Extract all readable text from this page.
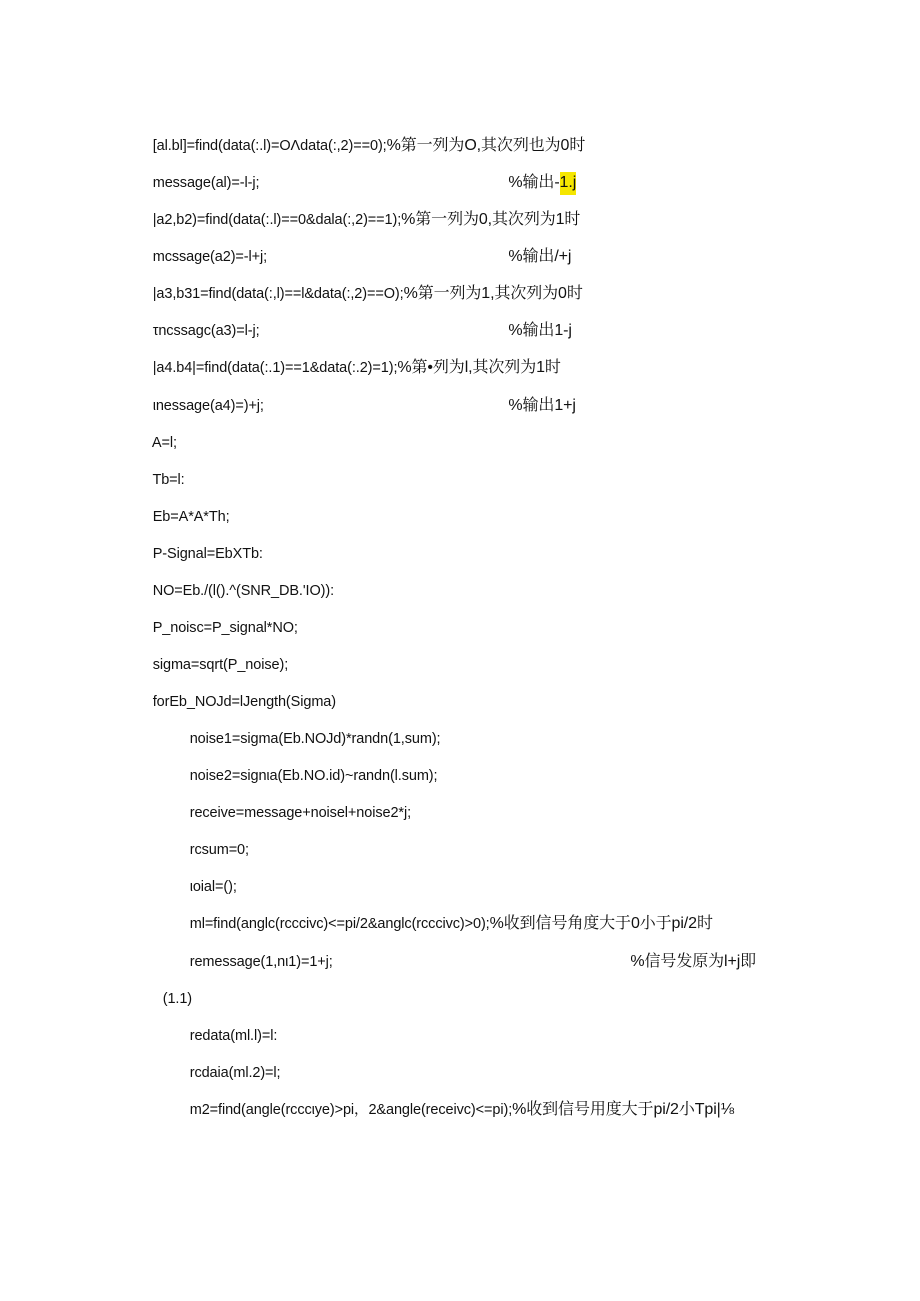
[al.bl]=find(data(:.l)=OΛdata(:,2)==0);%第一列为O,其次列也为0时

message(al)=-l-j;
	%输出-1.j

|a2,b2)=find(data(:.l)==0&dala(:,2)==1);%第一列为0,其次列为1时

mcssage(a2)=-l+j;
	%输出/+j

|a3,b31=find(data(:,l)==l&data(:,2)==O);%第一列为1,其次列为0时

τncssagc(a3)=l-j;
	%输出1-j

|a4.b4|=find(data(:.1)==1&data(:.2)=1);%第•列为l,其次列为1时

ιnessage(a4)=)+j;
	%输出1+j

A=l;

Tb=l:

Eb=A*A*Th;

P-Signal=EbXTb:

NO=Eb./(l().^(SNR_DB.'IO)):

P_noisc=P_signal*NO;

sigma=sqrt(P_noise);

forEb_NOJd=lJength(Sigma)

noise1=sigma(Eb.NOJd)*randn(1,sum);

noise2=signιa(Eb.NO.id)~randn(l.sum);

receive=message+noisel+noise2*j;

rcsum=0;

ιoial=();

ml=find(anglc(rcccivc)<=pi/2&anglc(rcccivc)>0);%收到信号角度大于0小于pi/2时

remessage(1,nι1)=1+j;
	%信号发原为l+j即

(1.1)

redata(ml.l)=l:

rcdaia(ml.2)=l;

m2=find(angle(rcccιye)>pi，2&angle(receivc)<=pi);%收到信号用度大于pi/2小Tpi|⅛
